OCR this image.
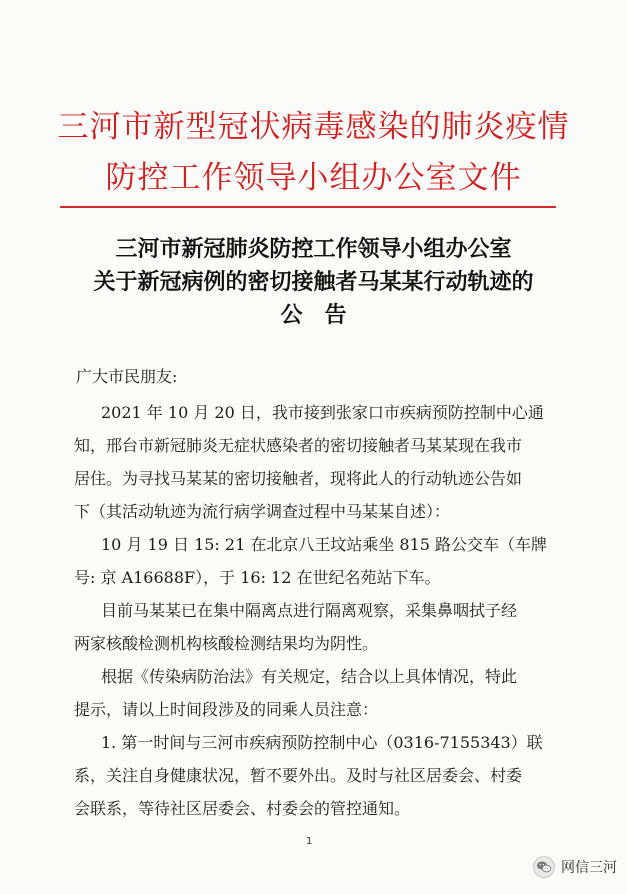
三河市新型冠状病毒感染的肺炎疫情
防控工作领导小组办公室文件
三河市新冠肺炎防控工作领导小组办公室
关于新冠病例的密切接触者马某某行动轨迹的
公告
广大市民朋友:
2021 年 10 月 20 日，我市接到张家口市疾病预防控制中心通
知，邢台市新冠肺炎无症状感染者的密切接触者马某某现在我市
居住。为寻找马某某的密切接触者，现将此人的行动轨迹公告如
下（其活动轨迹为流行病学调查过程中马某某自述）：
10 月 19 日 15: 21 在北京八王坟站乘坐 815 路公交车（车牌
号: 京 A16688F），于 16: 12 在世纪名苑站下车。
目前马某某已在集中隔离点进行隔离观察，采集鼻咽拭子经
两家核酸检测机构核酸检测结果均为阴性。
根据《传染病防治法》有关规定，结合以上具体情况，特此
提示，请以上时间段涉及的同乘人员注意：
1. 第一时间与三河市疾病预防控制中心（0316-7155343）联
系，关注自身健康状况，暂不要外出。及时与社区居委会、村委
会联系，等待社区居委会、村委会的管控通知。
1
网信三河
